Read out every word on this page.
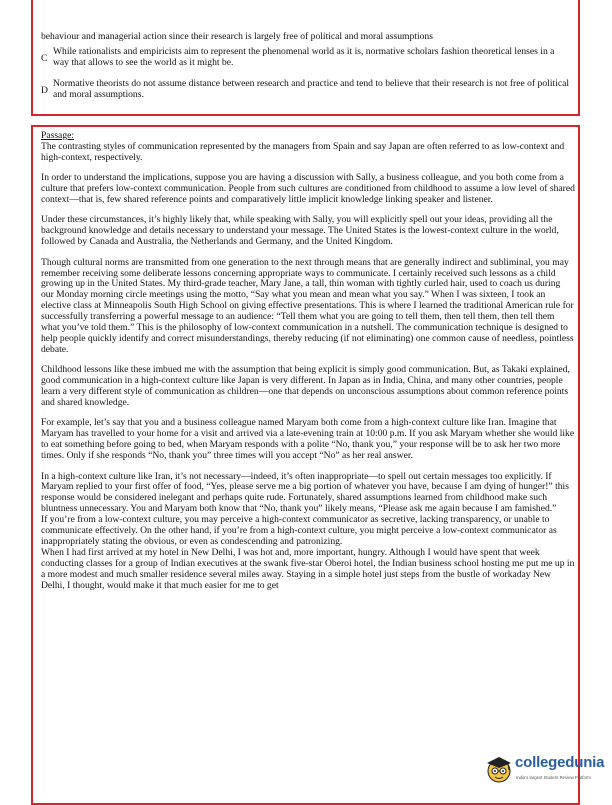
behaviour and managerial action since their research is largely free of political and moral assumptions
C
While rationalists and empiricists aim to represent the phenomenal world as it is, normative scholars fashion theoretical lenses in a way that allows to see the world as it might be.
D
Normative theorists do not assume distance between research and practice and tend to believe that their research is not free of political and moral assumptions.

Passage:
The contrasting styles of communication represented by the managers from Spain and say Japan are often referred to as low-context and high-context, respectively.

In order to understand the implications, suppose you are having a discussion with Sally, a business colleague, and you both come from a culture that prefers low-context communication. People from such cultures are conditioned from childhood to assume a low level of shared context—that is, few shared reference points and comparatively little implicit knowledge linking speaker and listener.

Under these circumstances, it’s highly likely that, while speaking with Sally, you will explicitly spell out your ideas, providing all the background knowledge and details necessary to understand your message. The United States is the lowest-context culture in the world, followed by Canada and Australia, the Netherlands and Germany, and the United Kingdom.

Though cultural norms are transmitted from one generation to the next through means that are generally indirect and subliminal, you may remember receiving some deliberate lessons concerning appropriate ways to communicate. I certainly received such lessons as a child growing up in the United States. My third-grade teacher, Mary Jane, a tall, thin woman with tightly curled hair, used to coach us during our Monday morning circle meetings using the motto, “Say what you mean and mean what you say.” When I was sixteen, I took an elective class at Minneapolis South High School on giving effective presentations. This is where I learned the traditional American rule for successfully transferring a powerful message to an audience: “Tell them what you are going to tell them, then tell them, then tell them what you’ve told them.” This is the philosophy of low-context communication in a nutshell. The communication technique is designed to help people quickly identify and correct misunderstandings, thereby reducing (if not eliminating) one common cause of needless, pointless debate.

Childhood lessons like these imbued me with the assumption that being explicit is simply good communication. But, as Takaki explained, good communication in a high-context culture like Japan is very different. In Japan as in India, China, and many other countries, people learn a very different style of communication as children—one that depends on unconscious assumptions about common reference points and shared knowledge.

For example, let’s say that you and a business colleague named Maryam both come from a high-context culture like Iran. Imagine that Maryam has travelled to your home for a visit and arrived via a late-evening train at 10:00 p.m. If you ask Maryam whether she would like to eat something before going to bed, when Maryam responds with a polite “No, thank you,” your response will be to ask her two more times. Only if she responds “No, thank you” three times will you accept “No” as her real answer.

In a high-context culture like Iran, it’s not necessary—indeed, it’s often inappropriate—to spell out certain messages too explicitly. If Maryam replied to your first offer of food, “Yes, please serve me a big portion of whatever you have, because I am dying of hunger!” this response would be considered inelegant and perhaps quite rude. Fortunately, shared assumptions learned from childhood make such bluntness unnecessary. You and Maryam both know that “No, thank you” likely means, “Please ask me again because I am famished.”

If you’re from a low-context culture, you may perceive a high-context communicator as secretive, lacking transparency, or unable to communicate effectively. On the other hand, if you’re from a high-context culture, you might perceive a low-context communicator as inappropriately stating the obvious, or even as condescending and patronizing.

When I had first arrived at my hotel in New Delhi, I was hot and, more important, hungry. Although I would have spent that week conducting classes for a group of Indian executives at the swank five-star Oberoi hotel, the Indian business school hosting me put me up in a more modest and much smaller residence several miles away. Staying in a simple hotel just steps from the bustle of workaday New Delhi, I thought, would make it that much easier for me to get

collegedunia
India's largest Student Review Platform
